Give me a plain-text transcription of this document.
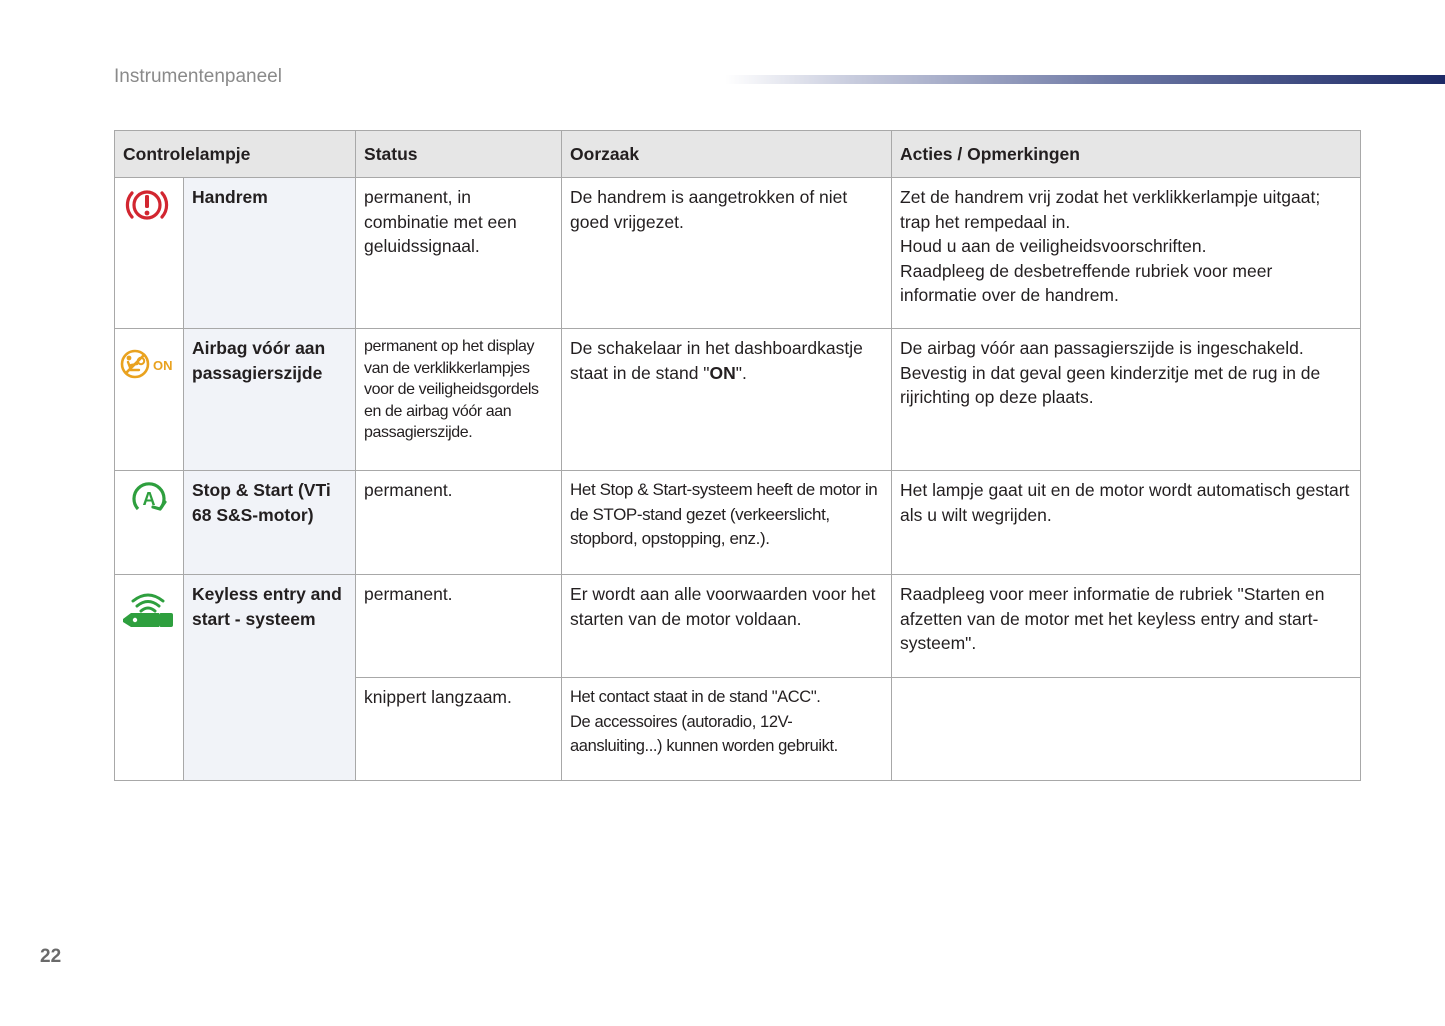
Instrumentenpaneel
Controlelampje		Status	Oorzaak	Acties / Opmerkingen

	Handrem	permanent, in combinatie met een geluidssignaal.	De handrem is aangetrokken of niet goed vrijgezet.	Zet de handrem vrij zodat het verklikkerlampje uitgaat; trap het rempedaal in.
Houd u aan de veiligheidsvoorschriften.
Raadpleeg de desbetreffende rubriek voor meer informatie over de handrem.

ON	Airbag vóór aan passagierszijde	permanent op het display van de verklikkerlampjes voor de veiligheidsgordels en de airbag vóór aan passagierszijde.	De schakelaar in het dashboardkastje staat in de stand "ON".	De airbag vóór aan passagierszijde is ingeschakeld.
Bevestig in dat geval geen kinderzitje met de rug in de rijrichting op deze plaats.

A	Stop & Start (VTi 68 S&S-motor)	permanent.	Het Stop & Start-systeem heeft de motor in de STOP-stand gezet (verkeerslicht, stopbord, opstopping, enz.).	Het lampje gaat uit en de motor wordt automatisch gestart als u wilt wegrijden.

	Keyless entry and start - systeem	permanent.	Er wordt aan alle voorwaarden voor het starten van de motor voldaan.	Raadpleeg voor meer informatie de rubriek "Starten en afzetten van de motor met het keyless entry and start-systeem".

		knippert langzaam.	Het contact staat in de stand "ACC".
De accessoires (autoradio, 12V-aansluiting...) kunnen worden gebruikt.	

22
